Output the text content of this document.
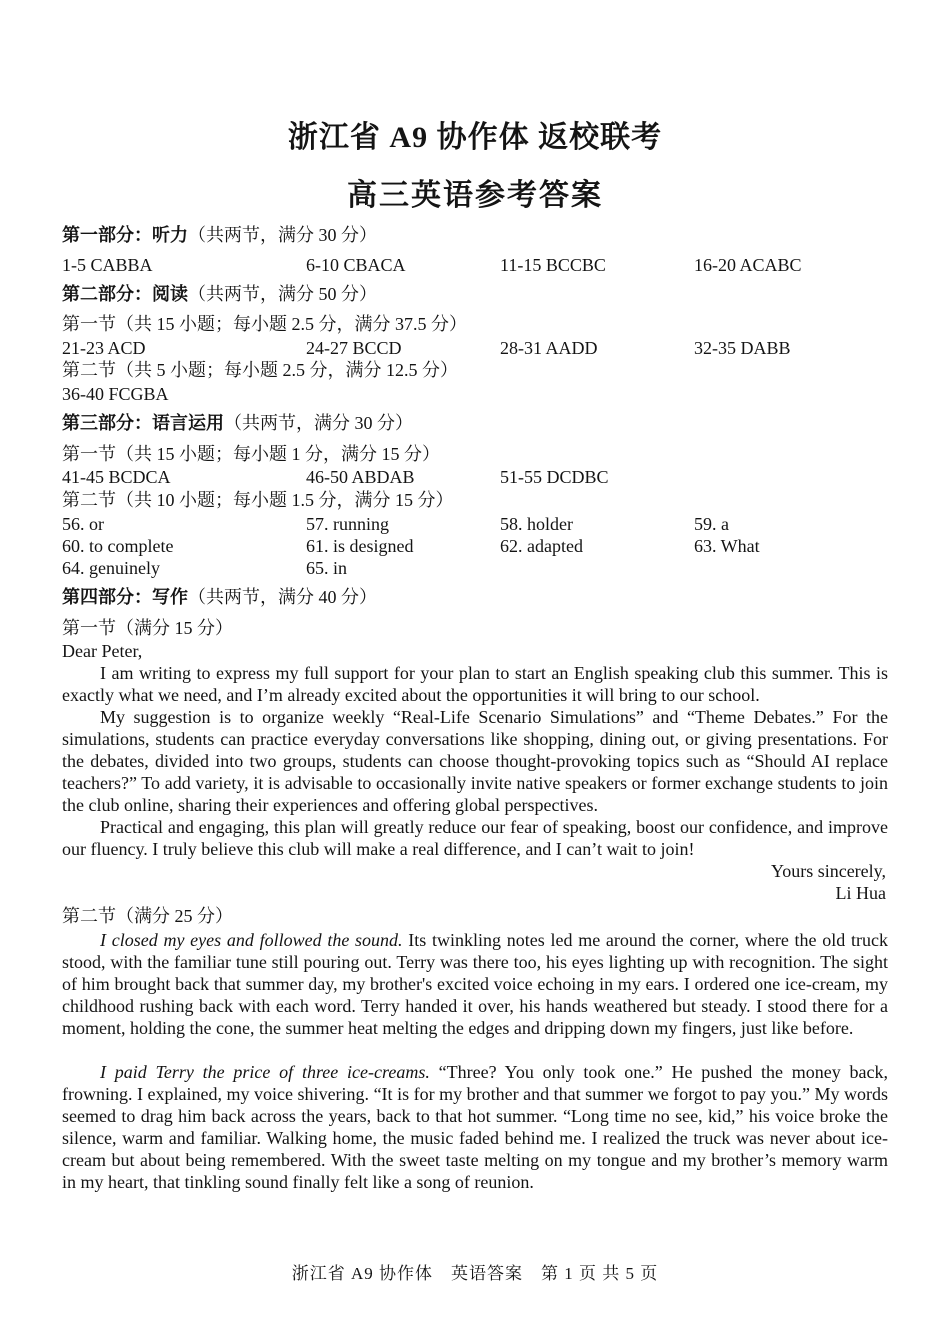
浙江省 A9 协作体 返校联考
高三英语参考答案
第一部分：听力（共两节，满分 30 分）
1-5 CABBA	6-10 CBACA	11-15 BCCBC	16-20 ACABC
第二部分：阅读（共两节，满分 50 分）
第一节（共 15 小题；每小题 2.5 分，满分 37.5 分）
21-23 ACD	24-27 BCCD	28-31 AADD	32-35 DABB
第二节（共 5 小题；每小题 2.5 分，满分 12.5 分）
36-40 FCGBA
第三部分：语言运用（共两节，满分 30 分）
第一节（共 15 小题；每小题 1 分，满分 15 分）
41-45 BCDCA	46-50 ABDAB	51-55 DCDBC
第二节（共 10 小题；每小题 1.5 分，满分 15 分）
56. or	57. running	58. holder	59. a
60. to complete	61. is designed	62. adapted	63. What
64. genuinely	65. in
第四部分：写作（共两节，满分 40 分）
第一节（满分 15 分）
Dear Peter,
I am writing to express my full support for your plan to start an English speaking club this summer. This is exactly what we need, and I’m already excited about the opportunities it will bring to our school.
My suggestion is to organize weekly “Real-Life Scenario Simulations” and “Theme Debates.” For the simulations, students can practice everyday conversations like shopping, dining out, or giving presentations. For the debates, divided into two groups, students can choose thought-provoking topics such as “Should AI replace teachers?” To add variety, it is advisable to occasionally invite native speakers or former exchange students to join the club online, sharing their experiences and offering global perspectives.
Practical and engaging, this plan will greatly reduce our fear of speaking, boost our confidence, and improve our fluency. I truly believe this club will make a real difference, and I can’t wait to join!
Yours sincerely,
Li Hua
第二节（满分 25 分）
I closed my eyes and followed the sound. Its twinkling notes led me around the corner, where the old truck stood, with the familiar tune still pouring out. Terry was there too, his eyes lighting up with recognition. The sight of him brought back that summer day, my brother's excited voice echoing in my ears. I ordered one ice-cream, my childhood rushing back with each word. Terry handed it over, his hands weathered but steady. I stood there for a moment, holding the cone, the summer heat melting the edges and dripping down my fingers, just like before.
I paid Terry the price of three ice-creams. “Three? You only took one.” He pushed the money back, frowning. I explained, my voice shivering. “It is for my brother and that summer we forgot to pay you.” My words seemed to drag him back across the years, back to that hot summer. “Long time no see, kid,” his voice broke the silence, warm and familiar. Walking home, the music faded behind me. I realized the truck was never about ice-cream but about being remembered. With the sweet taste melting on my tongue and my brother’s memory warm in my heart, that tinkling sound finally felt like a song of reunion.
浙江省 A9 协作体　英语答案　第 1 页 共 5 页
